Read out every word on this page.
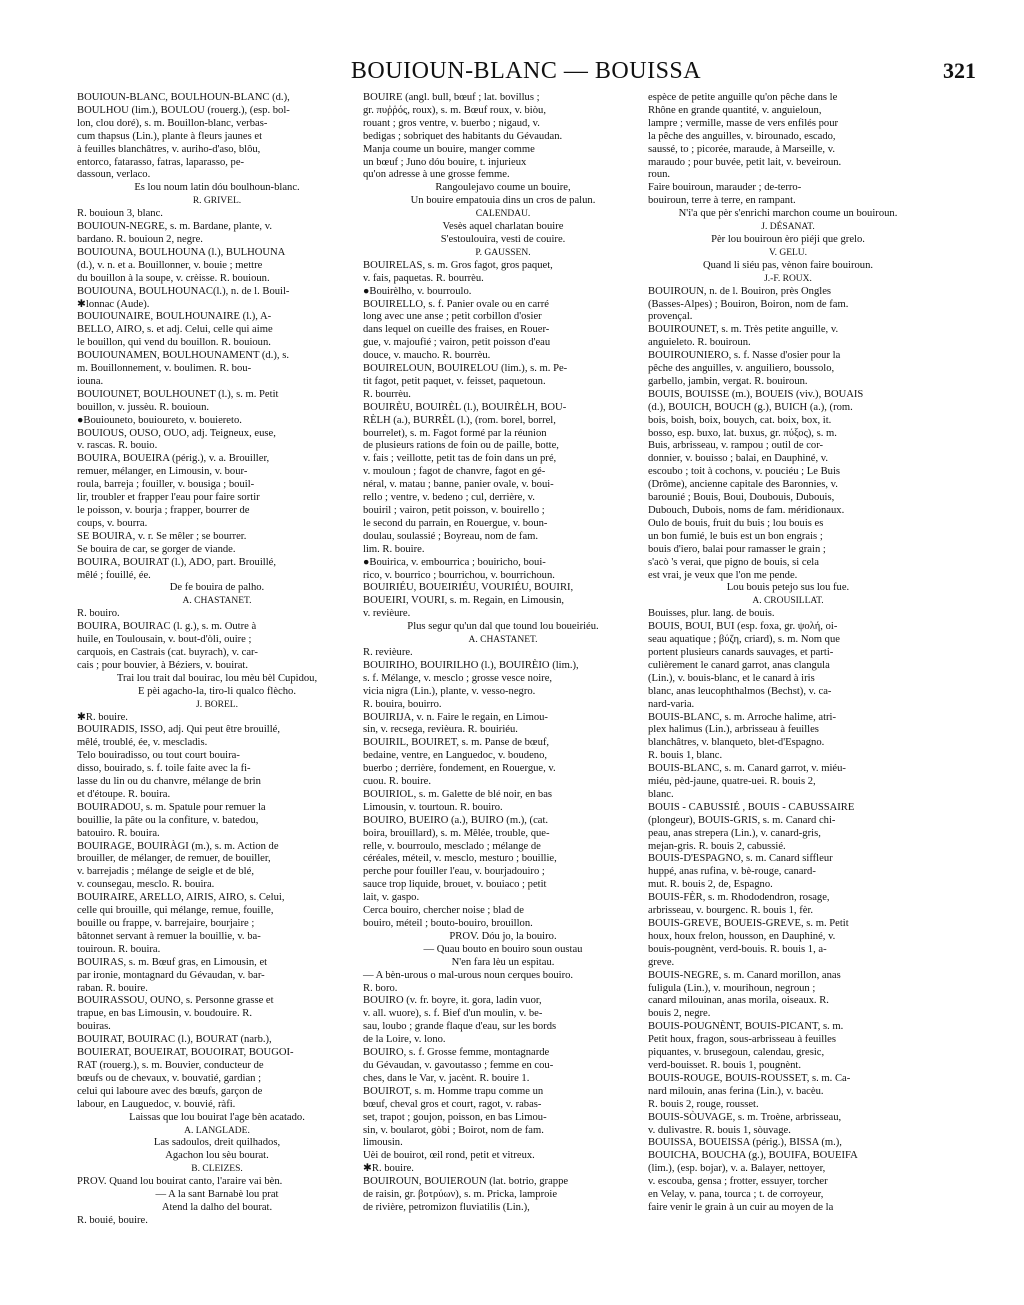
BOUIOUN-BLANC — BOUISSA	321

BOUIOUN-BLANC, BOULHOUN-BLANC (d.),

BOULHOU (lim.), BOULOU (rouerg.), (esp. bol-

lon, clou doré), s. m. Bouillon-blanc, verbas-

cum thapsus (Lin.), plante à fleurs jaunes et

à feuilles blanchâtres, v. auriho-d'aso, blôu,

entorco, fatarasso, fatras, laparasso, pe-

dassoun, verlaco.

Es lou noum latin dóu boulhoun-blanc.

R. GRIVEL.

R. bouioun 3, blanc.

BOUIOUN-NEGRE, s. m. Bardane, plante, v.

bardano. R. bouioun 2, negre.

BOUIOUNA, BOULHOUNA (l.), BULHOUNA

(d.), v. n. et a. Bouillonner, v. bouie ; mettre

du bouillon à la soupe, v. crèisse. R. bouioun.

BOUIOUNA, BOULHOUNAC(l.), n. de l. Bouil-

✱lonnac (Aude).

BOUIOUNAIRE, BOULHOUNAIRE (l.), A-

BELLO, AIRO, s. et adj. Celui, celle qui aime

le bouillon, qui vend du bouillon. R. bouioun.

BOUIOUNAMEN, BOULHOUNAMENT (d.), s.

m. Bouillonnement, v. boulimen. R. bou-

iouna.

BOUIOUNET, BOULHOUNET (l.), s. m. Petit

bouillon, v. jussèu. R. bouioun.

●Bouiouneto, bouioureto, v. bouiereto.

BOUIOUS, OUSO, OUO, adj. Teigneux, euse,

v. rascas. R. bouio.

BOUIRA, BOUEIRA (périg.), v. a. Brouiller,

remuer, mélanger, en Limousin, v. bour-

roula, barreja ; fouiller, v. bousiga ; bouil-

lir, troubler et frapper l'eau pour faire sortir

le poisson, v. bourja ; frapper, bourrer de

coups, v. bourra.

SE BOUIRA, v. r. Se mêler ; se bourrer.

Se bouira de car, se gorger de viande.

BOUIRA, BOUIRAT (l.), ADO, part. Brouillé,

mêlé ; fouillé, ée.

De fe bouira de palho.

A. CHASTANET.

R. bouiro.

BOUIRA, BOUIRAC (l. g.), s. m. Outre à

huile, en Toulousain, v. bout-d'òli, ouire ;

carquois, en Castrais (cat. buyrach), v. car-

cais ; pour bouvier, à Béziers, v. bouirat.

Trai lou trait dal bouirac, lou mèu bèl Cupidou,

E pèi agacho-la, tiro-li qualco flècho.

J. BOREL.

✱R. bouire.

BOUIRADIS, ISSO, adj. Qui peut être brouillé,

mêlé, troublé, ée, v. mescladis.

Telo bouiradisso, ou tout court bouira-

disso, bouirado, s. f. toile faite avec la fi-

lasse du lin ou du chanvre, mélange de brin

et d'étoupe. R. bouira.

BOUIRADOU, s. m. Spatule pour remuer la

bouillie, la pâte ou la confiture, v. batedou,

batouiro. R. bouira.

BOUIRAGE, BOUIRÀGI (m.), s. m. Action de

brouiller, de mélanger, de remuer, de bouiller,

v. barrejadis ; mélange de seigle et de blé,

v. counsegau, mesclo. R. bouira.

BOUIRAIRE, ARELLO, AIRIS, AIRO, s. Celui,

celle qui brouille, qui mélange, remue, fouille,

bouille ou frappe, v. barrejaire, bourjaire ;

bâtonnet servant à remuer la bouillie, v. ba-

touiroun. R. bouira.

BOUIRAS, s. m. Bœuf gras, en Limousin, et

par ironie, montagnard du Gévaudan, v. bar-

raban. R. bouire.

BOUIRASSOU, OUNO, s. Personne grasse et

trapue, en bas Limousin, v. boudouire. R.

bouiras.

BOUIRAT, BOUIRAC (l.), BOURAT (narb.),

BOUIERAT, BOUEIRAT, BOUOIRAT, BOUGOI-

RAT (rouerg.), s. m. Bouvier, conducteur de

bœufs ou de chevaux, v. bouvatié, gardian ;

celui qui laboure avec des bœufs, garçon de

labour, en Lauguedoc, v. bouvié, ràfi.

Laissas que lou bouirat l'age bèn acatado.

A. LANGLADE.

Las sadoulos, dreit quilhados,

Agachon lou sèu bourat.

B. CLEIZES.

PROV. Quand lou bouirat canto, l'araire vai bèn.

— A la sant Barnabè lou prat

Atend la dalho del bourat.

R. bouié, bouire.

BOUIRE (angl. bull, bœuf ; lat. bovillus ;

gr. πυῤῥός, roux), s. m. Bœuf roux, v. biòu,

rouant ; gros ventre, v. buerbo ; nigaud, v.

bedigas ; sobriquet des habitants du Gévaudan.

Manja coume un bouire, manger comme

un bœuf ; Juno dóu bouire, t. injurieux

qu'on adresse à une grosse femme.

Rangoulejavo coume un bouire,

Un bouire empatouia dins un cros de palun.

CALENDAU.

Vesès aquel charlatan bouire

S'estoulouira, vesti de couire.

P. GAUSSEN.

BOUIRELAS, s. m. Gros fagot, gros paquet,

v. fais, paquetas. R. bourrèu.

●Bouirèlho, v. bourroulo.

BOUIRELLO, s. f. Panier ovale ou en carré

long avec une anse ; petit corbillon d'osier

dans lequel on cueille des fraises, en Rouer-

gue, v. majoufié ; vairon, petit poisson d'eau

douce, v. maucho. R. bourrèu.

BOUIRELOUN, BOUIRELOU (lim.), s. m. Pe-

tit fagot, petit paquet, v. feisset, paquetoun.

R. bourrèu.

BOUIRÈU, BOUIRÈL (l.), BOUIRÈLH, BOU-

RÈLH (a.), BURRÈL (l.), (rom. borel, borrel,

bourrelet), s. m. Fagot formé par la réunion

de plusieurs rations de foin ou de paille, botte,

v. fais ; veillotte, petit tas de foin dans un pré,

v. mouloun ; fagot de chanvre, fagot en gé-

néral, v. matau ; banne, panier ovale, v. boui-

rello ; ventre, v. bedeno ; cul, derrière, v.

bouiril ; vairon, petit poisson, v. bouirello ;

le second du parrain, en Rouergue, v. boun-

doulau, soulassié ; Boyreau, nom de fam.

lim. R. bouire.

●Bouirica, v. embourrica ; bouiricho, boui-

rico, v. bourrico ; bourrichou, v. bourrichoun.

BOUIRIÉU, BOUEIRIÉU, VOURIÉU, BOUIRI,

BOUEIRI, VOURI, s. m. Regain, en Limousin,

v. revièure.

Plus segur qu'un dal que tound lou boueiriéu.

A. CHASTANET.

R. revièure.

BOUIRIHO, BOUIRILHO (l.), BOUIRÈIO (lim.),

s. f. Mélange, v. mesclo ; grosse vesce noire,

vicia nigra (Lin.), plante, v. vesso-negro.

R. bouira, bouirro.

BOUIRIJA, v. n. Faire le regain, en Limou-

sin, v. recsega, revièura. R. bouiriéu.

BOUIRIL, BOUIRET, s. m. Panse de bœuf,

bedaine, ventre, en Languedoc, v. boudeno,

buerbo ; derrière, fondement, en Rouergue, v.

cuou. R. bouire.

BOUIRIOL, s. m. Galette de blé noir, en bas

Limousin, v. tourtoun. R. bouiro.

BOUIRO, BUEIRO (a.), BUIRO (m.), (cat.

boira, brouillard), s. m. Mêlée, trouble, que-

relle, v. bourroulo, mesclado ; mélange de

céréales, méteil, v. mesclo, mesturo ; bouillie,

perche pour fouiller l'eau, v. bourjadouiro ;

sauce trop liquide, brouet, v. bouiaco ; petit

lait, v. gaspo.

Cerca bouiro, chercher noise ; blad de

bouiro, méteil ; bouto-bouiro, brouillon.

PROV. Dóu jo, la bouiro.

— Quau bouto en bouiro soun oustau

N'en fara lèu un espitau.

— A bèn-urous o mal-urous noun cerques bouiro.

R. boro.

BOUIRO (v. fr. boyre, it. gora, ladin vuor,

v. all. wuore), s. f. Bief d'un moulin, v. be-

sau, loubo ; grande flaque d'eau, sur les bords

de la Loire, v. lono.

BOUIRO, s. f. Grosse femme, montagnarde

du Gévaudan, v. gavoutasso ; femme en cou-

ches, dans le Var, v. jacènt. R. bouire 1.

BOUIROT, s. m. Homme trapu comme un

bœuf, cheval gros et court, ragot, v. rabas-

set, trapot ; goujon, poisson, en bas Limou-

sin, v. boularot, gòbi ; Boirot, nom de fam.

limousin.

Uèi de bouirot, œil rond, petit et vitreux.

✱R. bouire.

BOUIROUN, BOUIEROUN (lat. botrio, grappe

de raisin, gr. βοτρύων), s. m. Pricka, lamproie

de rivière, petromizon fluviatilis (Lin.),

espèce de petite anguille qu'on pêche dans le

Rhône en grande quantité, v. anguieloun,

lampre ; vermille, masse de vers enfilés pour

la pêche des anguilles, v. birounado, escado,

saussé, to ; picorée, maraude, à Marseille, v.

maraudo ; pour buvée, petit lait, v. beveiroun.

roun.

Faire bouiroun, marauder ; de-terro-

bouiroun, terre à terre, en rampant.

N'i'a que pèr s'enrichi marchon coume un bouiroun.

J. DÉSANAT.

Pèr lou bouiroun èro piéji que grelo.

V. GELU.

Quand li siéu pas, vènon faire bouiroun.

J.-F. ROUX.

BOUIROUN, n. de l. Bouiron, près Ongles

(Basses-Alpes) ; Bouiron, Boiron, nom de fam.

provençal.

BOUIROUNET, s. m. Très petite anguille, v.

anguieleto. R. bouiroun.

BOUIROUNIERO, s. f. Nasse d'osier pour la

pêche des anguilles, v. anguiliero, boussolo,

garbello, jambin, vergat. R. bouiroun.

BOUIS, BOUISSE (m.), BOUEIS (viv.), BOUAIS

(d.), BOUICH, BOUCH (g.), BUICH (a.), (rom.

bois, boish, boix, bouych, cat. boix, box, it.

bosso, esp. buxo, lat. buxus, gr. πύξος), s. m.

Buis, arbrisseau, v. rampou ; outil de cor-

donnier, v. bouisso ; balai, en Dauphiné, v.

escoubo ; toit à cochons, v. pouciéu ; Le Buis

(Drôme), ancienne capitale des Baronnies, v.

barounié ; Bouis, Boui, Doubouis, Dubouis,

Dubouch, Dubois, noms de fam. méridionaux.

Oulo de bouis, fruit du buis ; lou bouis es

un bon fumié, le buis est un bon engrais ;

bouis d'iero, balai pour ramasser le grain ;

s'acò 's verai, que pigno de bouis, si cela

est vrai, je veux que l'on me pende.

Lou bouis petejo sus lou fue.

A. CROUSILLAT.

Bouisses, plur. lang. de bouis.

BOUIS, BOUI, BUI (esp. foxa, gr. ψολή, oi-

seau aquatique ; βύζη, criard), s. m. Nom que

portent plusieurs canards sauvages, et parti-

culièrement le canard garrot, anas clangula

(Lin.), v. bouis-blanc, et le canard à iris

blanc, anas leucophthalmos (Bechst), v. ca-

nard-varia.

BOUIS-BLANC, s. m. Arroche halime, atri-

plex halimus (Lin.), arbrisseau à feuilles

blanchâtres, v. blanqueto, blet-d'Espagno.

R. bouis 1, blanc.

BOUIS-BLANC, s. m. Canard garrot, v. miéu-

miéu, pèd-jaune, quatre-uei. R. bouis 2,

blanc.

BOUIS - CABUSSIÉ , BOUIS - CABUSSAIRE

(plongeur), BOUIS-GRIS, s. m. Canard chi-

peau, anas strepera (Lin.), v. canard-gris,

mejan-gris. R. bouis 2, cabussié.

BOUIS-D'ESPAGNO, s. m. Canard siffleur

huppé, anas rufina, v. bè-rouge, canard-

mut. R. bouis 2, de, Espagno.

BOUIS-FÈR, s. m. Rhododendron, rosage,

arbrisseau, v. bourgenc. R. bouis 1, fèr.

BOUIS-GREVE, BOUEIS-GREVE, s. m. Petit

houx, houx frelon, housson, en Dauphiné, v.

bouis-pougnènt, verd-bouis. R. bouis 1, a-

greve.

BOUIS-NEGRE, s. m. Canard morillon, anas

fuligula (Lin.), v. mourihoun, negroun ;

canard milouinan, anas morila, oiseaux. R.

bouis 2, negre.

BOUIS-POUGNÈNT, BOUIS-PICANT, s. m.

Petit houx, fragon, sous-arbrisseau à feuilles

piquantes, v. brusegoun, calendau, gresic,

verd-bouisset. R. bouis 1, pougnènt.

BOUIS-ROUGE, BOUIS-ROUSSET, s. m. Ca-

nard milouin, anas ferina (Lin.), v. bacèu.

R. bouis 2, rouge, rousset.

BOUIS-SÒUVAGE, s. m. Troène, arbrisseau,

v. dulivastre. R. bouis 1, sòuvage.

BOUISSA, BOUEISSA (périg.), BISSA (m.),

BOUICHA, BOUCHA (g.), BOUIFA, BOUEIFA

(lim.), (esp. bojar), v. a. Balayer, nettoyer,

v. escouba, gensa ; frotter, essuyer, torcher

en Velay, v. pana, tourca ; t. de corroyeur,

faire venir le grain à un cuir au moyen de la
